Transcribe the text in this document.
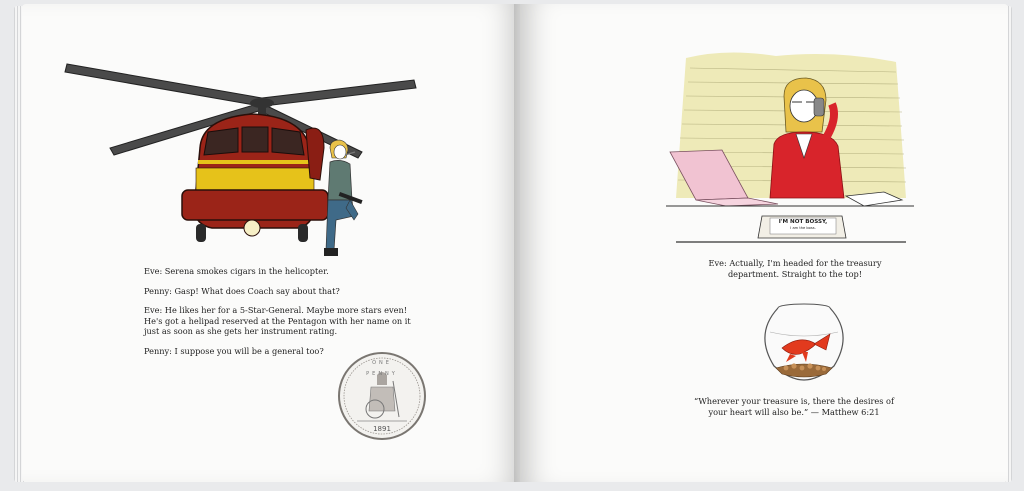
Eve: Serena smokes cigars in the helicopter.

Penny: Gasp! What does Coach say about that?

Eve: He likes her for a 5-Star-General. Maybe more stars even! He's got a helipad reserved at the Pentagon with her name on it just as soon as she gets her instrument rating.

Penny: I suppose you will be a general too?

1891
ONE PENNY
I'M NOT BOSSY,
I am the boss.
Eve: Actually, I'm headed for the treasury department. Straight to the top!
“Wherever your treasure is, there the desires of your heart will also be.” — Matthew 6:21
